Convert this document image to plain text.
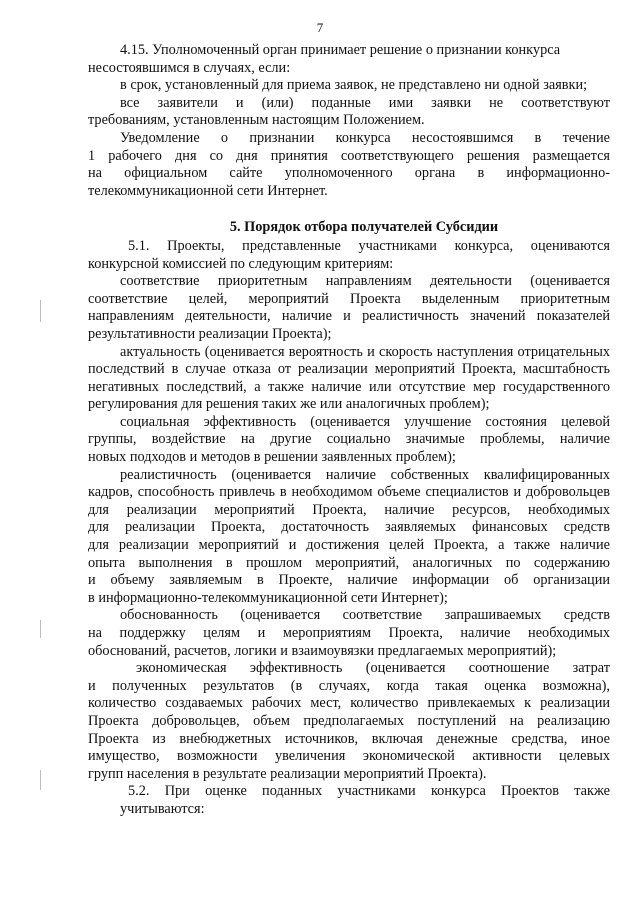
7
4.15. Уполномоченный орган принимает решение о признании конкурса
несостоявшимся в случаях, если:
в срок, установленный для приема заявок, не представлено ни одной заявки;
все заявители и (или) поданные ими заявки не соответствуют
требованиям, установленным настоящим Положением.
Уведомление о признании конкурса несостоявшимся в течение
1 рабочего дня со дня принятия соответствующего решения размещается
на официальном сайте уполномоченного органа в информационно-
телекоммуникационной сети Интернет.
5. Порядок отбора получателей Субсидии
5.1. Проекты, представленные участниками конкурса, оцениваются
конкурсной комиссией по следующим критериям:
соответствие приоритетным направлениям деятельности (оценивается
соответствие целей, мероприятий Проекта выделенным приоритетным
направлениям деятельности, наличие и реалистичность значений показателей
результативности реализации Проекта);
актуальность (оценивается вероятность и скорость наступления отрицательных
последствий в случае отказа от реализации мероприятий Проекта, масштабность
негативных последствий, а также наличие или отсутствие мер государственного
регулирования для решения таких же или аналогичных проблем);
социальная эффективность (оценивается улучшение состояния целевой
группы, воздействие на другие социально значимые проблемы, наличие
новых подходов и методов в решении заявленных проблем);
реалистичность (оценивается наличие собственных квалифицированных
кадров, способность привлечь в необходимом объеме специалистов и добровольцев
для реализации мероприятий Проекта, наличие ресурсов, необходимых
для реализации Проекта, достаточность заявляемых финансовых средств
для реализации мероприятий и достижения целей Проекта, а также наличие
опыта выполнения в прошлом мероприятий, аналогичных по содержанию
и объему заявляемым в Проекте, наличие информации об организации
в информационно-телекоммуникационной сети Интернет);
обоснованность (оценивается соответствие запрашиваемых средств
на поддержку целям и мероприятиям Проекта, наличие необходимых
обоснований, расчетов, логики и взаимоувязки предлагаемых мероприятий);
экономическая эффективность (оценивается соотношение затрат
и полученных результатов (в случаях, когда такая оценка возможна),
количество создаваемых рабочих мест, количество привлекаемых к реализации
Проекта добровольцев, объем предполагаемых поступлений на реализацию
Проекта из внебюджетных источников, включая денежные средства, иное
имущество, возможности увеличения экономической активности целевых
групп населения в результате реализации мероприятий Проекта).
5.2. При оценке поданных участниками конкурса Проектов также
учитываются:
